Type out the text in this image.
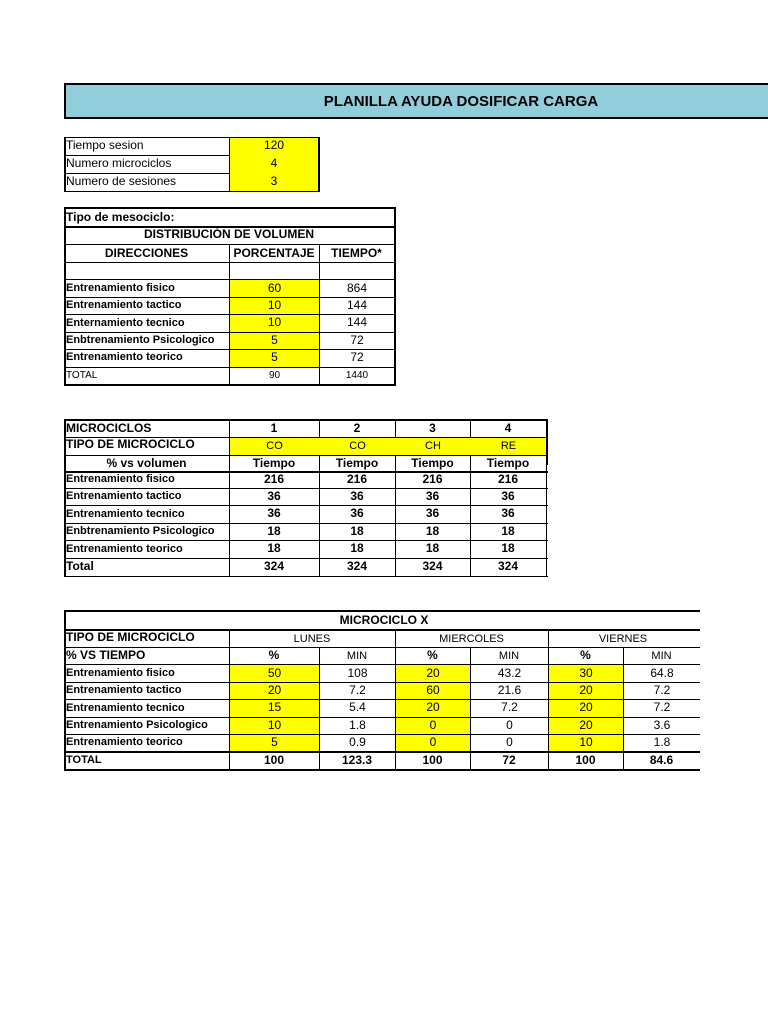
PLANILLA AYUDA DOSIFICAR CARGA
Tiempo sesion	120
Numero microciclos	4
Numero de sesiones	3
Tipo de mesociclo:
DISTRIBUCIÓN DE VOLUMEN
DIRECCIONES	PORCENTAJE	TIEMPO*
Entrenamiento fisico	60	864
Entrenamiento tactico	10	144
Enternamiento tecnico	10	144
Enbtrenamiento Psicologico	5	72
Entrenamiento teorico	5	72
TOTAL	90	1440
MICROCICLOS	1	2	3	4
TIPO DE MICROCICLO	CO	CO	CH	RE
% vs volumen	Tiempo	Tiempo	Tiempo	Tiempo
Entrenamiento fisico	216	216	216	216
Entrenamiento tactico	36	36	36	36
Entrenamiento tecnico	36	36	36	36
Enbtrenamiento Psicologico	18	18	18	18
Entrenamiento teorico	18	18	18	18
Total	324	324	324	324
MICROCICLO X
TIPO DE MICROCICLO	LUNES	MIERCOLES	VIERNES
% VS TIEMPO	%	MIN	%	MIN	%	MIN
Entrenamiento fisico	50	108	20	43.2	30	64.8
Entrenamiento tactico	20	7.2	60	21.6	20	7.2
Entrenamiento tecnico	15	5.4	20	7.2	20	7.2
Entrenamiento Psicologico	10	1.8	0	0	20	3.6
Entrenamiento teorico	5	0.9	0	0	10	1.8
TOTAL	100	123.3	100	72	100	84.6
